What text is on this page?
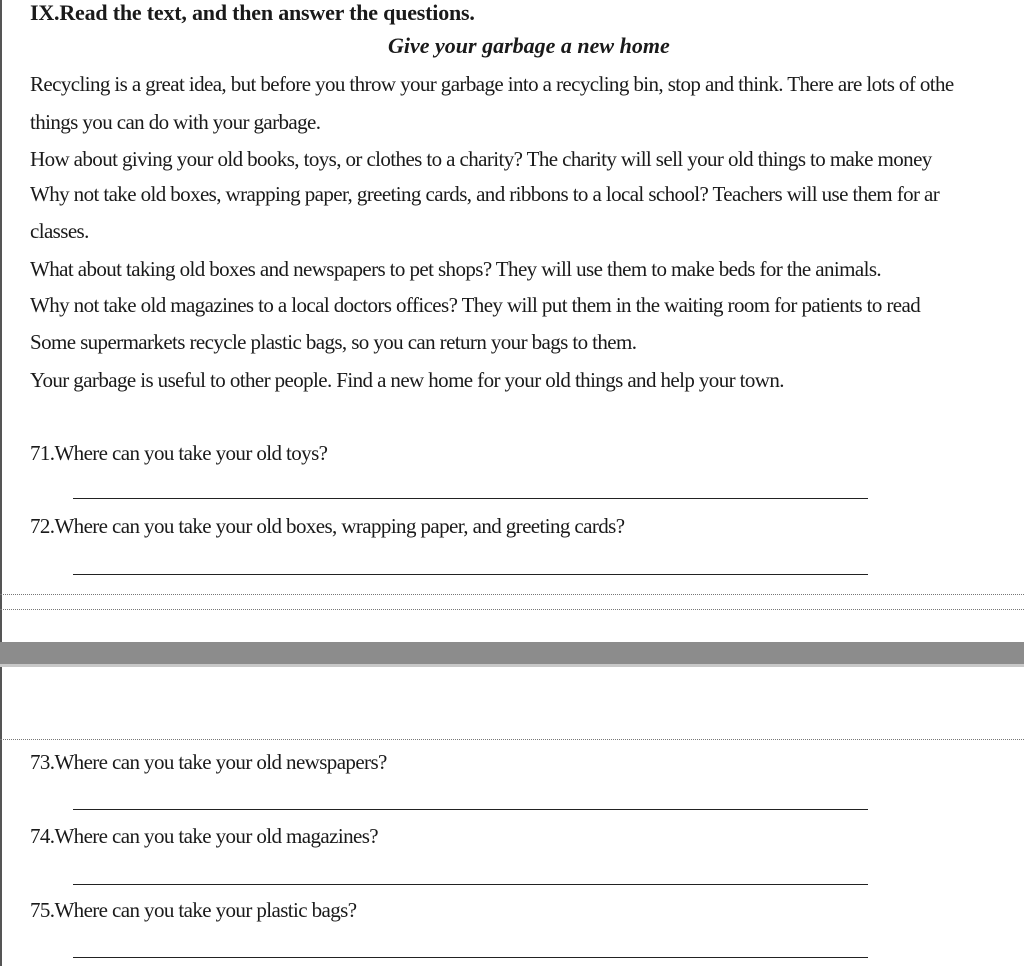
IX.Read the text, and then answer the questions.
Give your garbage a new home
Recycling is a great idea, but before you throw your garbage into a recycling bin, stop and think. There are lots of othe
things you can do with your garbage.
How about giving your old books, toys, or clothes to a charity? The charity will sell your old things to make money
Why not take old boxes, wrapping paper, greeting cards, and ribbons to a local school? Teachers will use them for ar
classes.
What about taking old boxes and newspapers to pet shops? They will use them to make beds for the animals.
Why not take old magazines to a local doctors offices? They will put them in the waiting room for patients to read
Some supermarkets recycle plastic bags, so you can return your bags to them.
Your garbage is useful to other people. Find a new home for your old things and help your town.
71.Where can you take your old toys?
72.Where can you take your old boxes, wrapping paper, and greeting cards?
73.Where can you take your old newspapers?
74.Where can you take your old magazines?
75.Where can you take your plastic bags?
